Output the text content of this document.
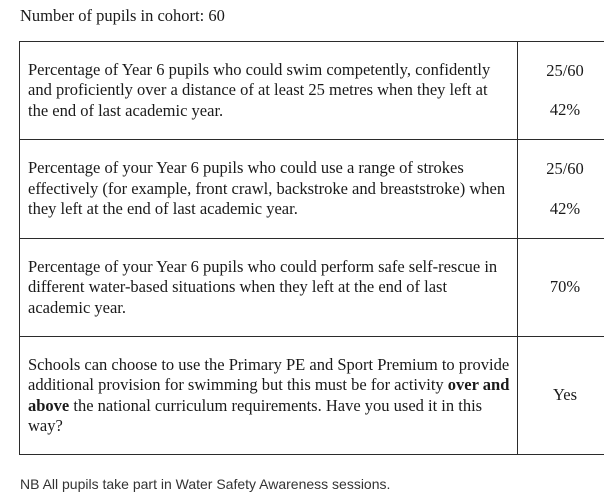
Number of pupils in cohort: 60
Percentage of Year 6 pupils who could swim competently, confidently and proficiently over a distance of at least 25 metres when they left at the end of last academic year.	25/60
42%

Percentage of your Year 6 pupils who could use a range of strokes effectively (for example, front crawl, backstroke and breaststroke) when they left at the end of last academic year.	25/60
42%

Percentage of your Year 6 pupils who could perform safe self-rescue in different water-based situations when they left at the end of last academic year.	70%

Schools can choose to use the Primary PE and Sport Premium to provide additional provision for swimming but this must be for activity over and above the national curriculum requirements. Have you used it in this way?	Yes
NB All pupils take part in Water Safety Awareness sessions.
